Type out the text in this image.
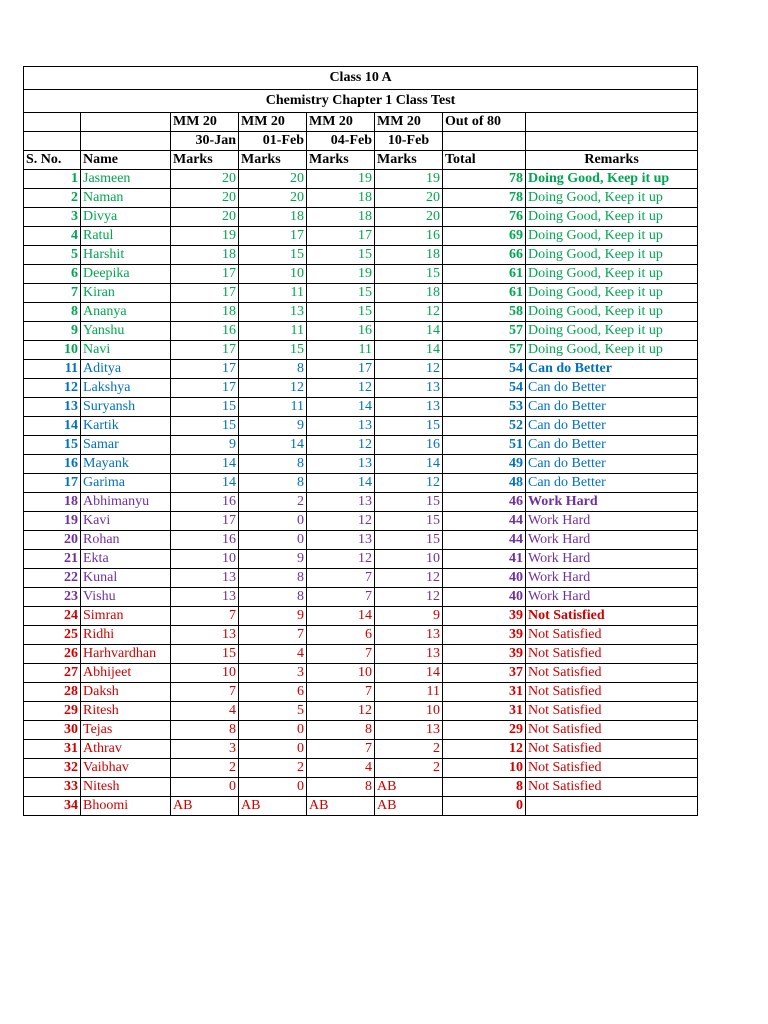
Class 10 A							
Chemistry Chapter 1 Class Test							
		MM 20	MM 20	MM 20	MM 20	Out of 80	
		30-Jan	01-Feb	04-Feb	10-Feb		
S. No.	Name	Marks	Marks	Marks	Marks	Total	Remarks
1	Jasmeen	20	20	19	19	78	Doing Good, Keep it up
2	Naman	20	20	18	20	78	Doing Good, Keep it up
3	Divya	20	18	18	20	76	Doing Good, Keep it up
4	Ratul	19	17	17	16	69	Doing Good, Keep it up
5	Harshit	18	15	15	18	66	Doing Good, Keep it up
6	Deepika	17	10	19	15	61	Doing Good, Keep it up
7	Kiran	17	11	15	18	61	Doing Good, Keep it up
8	Ananya	18	13	15	12	58	Doing Good, Keep it up
9	Yanshu	16	11	16	14	57	Doing Good, Keep it up
10	Navi	17	15	11	14	57	Doing Good, Keep it up
11	Aditya	17	8	17	12	54	Can do Better
12	Lakshya	17	12	12	13	54	Can do Better
13	Suryansh	15	11	14	13	53	Can do Better
14	Kartik	15	9	13	15	52	Can do Better
15	Samar	9	14	12	16	51	Can do Better
16	Mayank	14	8	13	14	49	Can do Better
17	Garima	14	8	14	12	48	Can do Better
18	Abhimanyu	16	2	13	15	46	Work Hard
19	Kavi	17	0	12	15	44	Work Hard
20	Rohan	16	0	13	15	44	Work Hard
21	Ekta	10	9	12	10	41	Work Hard
22	Kunal	13	8	7	12	40	Work Hard
23	Vishu	13	8	7	12	40	Work Hard
24	Simran	7	9	14	9	39	Not Satisfied
25	Ridhi	13	7	6	13	39	Not Satisfied
26	Harhvardhan	15	4	7	13	39	Not Satisfied
27	Abhijeet	10	3	10	14	37	Not Satisfied
28	Daksh	7	6	7	11	31	Not Satisfied
29	Ritesh	4	5	12	10	31	Not Satisfied
30	Tejas	8	0	8	13	29	Not Satisfied
31	Athrav	3	0	7	2	12	Not Satisfied
32	Vaibhav	2	2	4	2	10	Not Satisfied
33	Nitesh	0	0	8	AB	8	Not Satisfied
34	Bhoomi	AB	AB	AB	AB	0	
